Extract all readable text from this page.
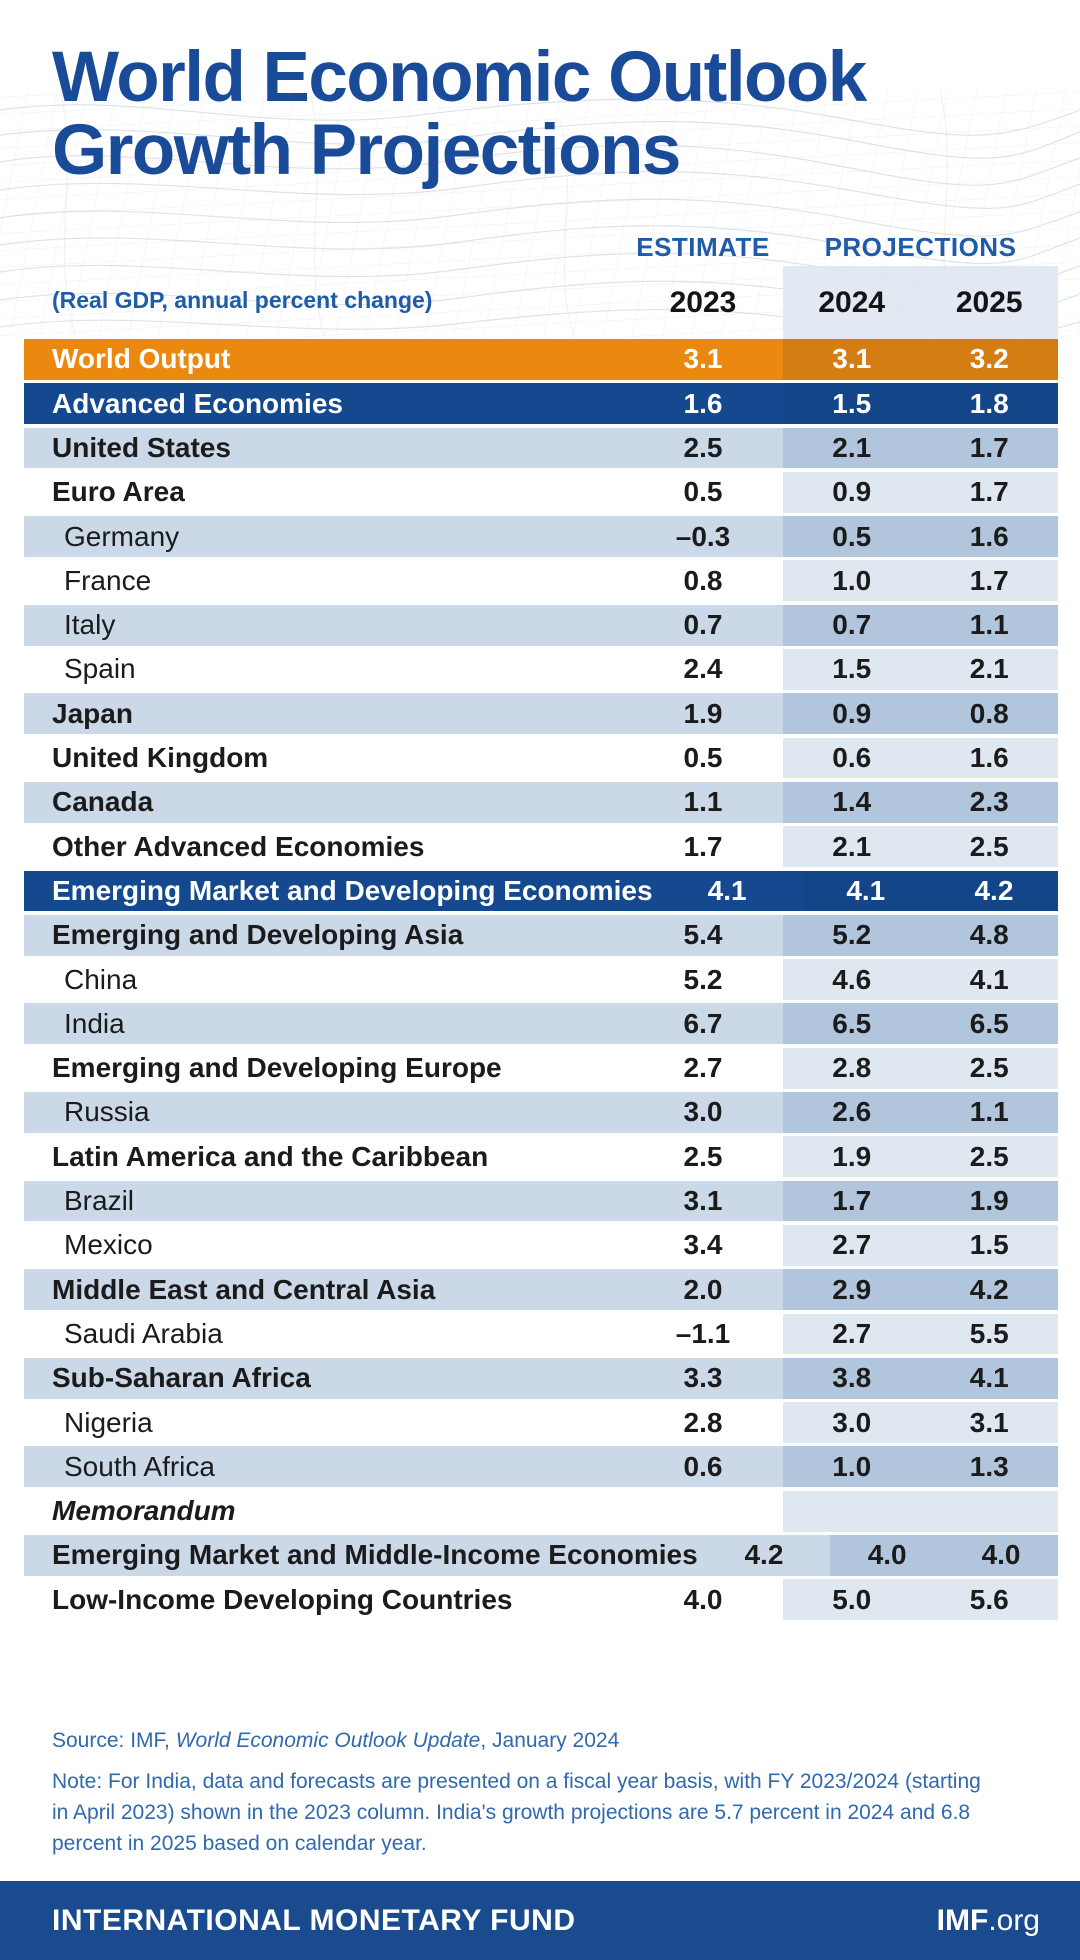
World Economic Outlook
Growth Projections
ESTIMATE	PROJECTIONS
(Real GDP, annual percent change)	2023	2024	2025
World Output	3.1	3.1	3.2
Advanced Economies	1.6	1.5	1.8
United States	2.5	2.1	1.7
Euro Area	0.5	0.9	1.7
Germany	–0.3	0.5	1.6
France	0.8	1.0	1.7
Italy	0.7	0.7	1.1
Spain	2.4	1.5	2.1
Japan	1.9	0.9	0.8
United Kingdom	0.5	0.6	1.6
Canada	1.1	1.4	2.3
Other Advanced Economies	1.7	2.1	2.5
Emerging Market and Developing Economies	4.1	4.1	4.2
Emerging and Developing Asia	5.4	5.2	4.8
China	5.2	4.6	4.1
India	6.7	6.5	6.5
Emerging and Developing Europe	2.7	2.8	2.5
Russia	3.0	2.6	1.1
Latin America and the Caribbean	2.5	1.9	2.5
Brazil	3.1	1.7	1.9
Mexico	3.4	2.7	1.5
Middle East and Central Asia	2.0	2.9	4.2
Saudi Arabia	–1.1	2.7	5.5
Sub-Saharan Africa	3.3	3.8	4.1
Nigeria	2.8	3.0	3.1
South Africa	0.6	1.0	1.3
Memorandum
Emerging Market and Middle-Income Economies	4.2	4.0	4.0
Low-Income Developing Countries	4.0	5.0	5.6
Source: IMF, World Economic Outlook Update, January 2024
Note: For India, data and forecasts are presented on a fiscal year basis, with FY 2023/2024 (starting in April 2023) shown in the 2023 column. India's growth projections are 5.7 percent in 2024 and 6.8 percent in 2025 based on calendar year.
INTERNATIONAL MONETARY FUND	IMF.org
